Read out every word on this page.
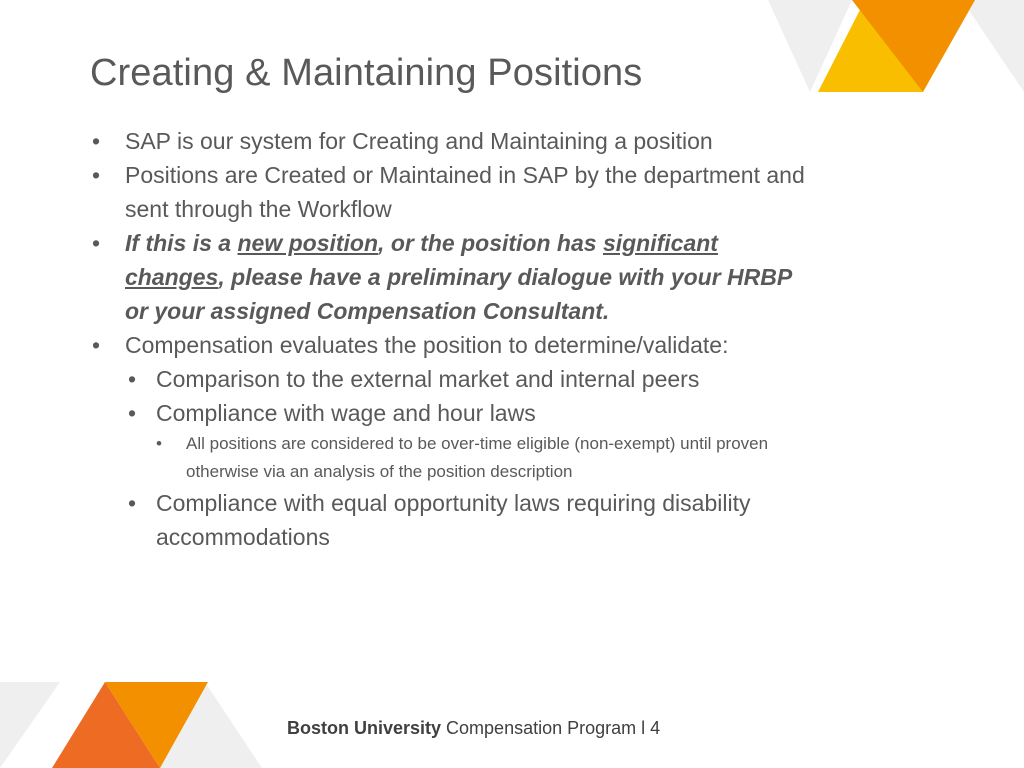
Creating & Maintaining Positions
• SAP is our system for Creating and Maintaining a position
• Positions are Created or Maintained in SAP by the department and sent through the Workflow
• If this is a new position, or the position has significant changes, please have a preliminary dialogue with your HRBP or your assigned Compensation Consultant.
• Compensation evaluates the position to determine/validate:
• Comparison to the external market and internal peers
• Compliance with wage and hour laws
• All positions are considered to be over-time eligible (non-exempt) until proven otherwise via an analysis of the position description
• Compliance with equal opportunity laws requiring disability accommodations
Boston University Compensation Program l 4
